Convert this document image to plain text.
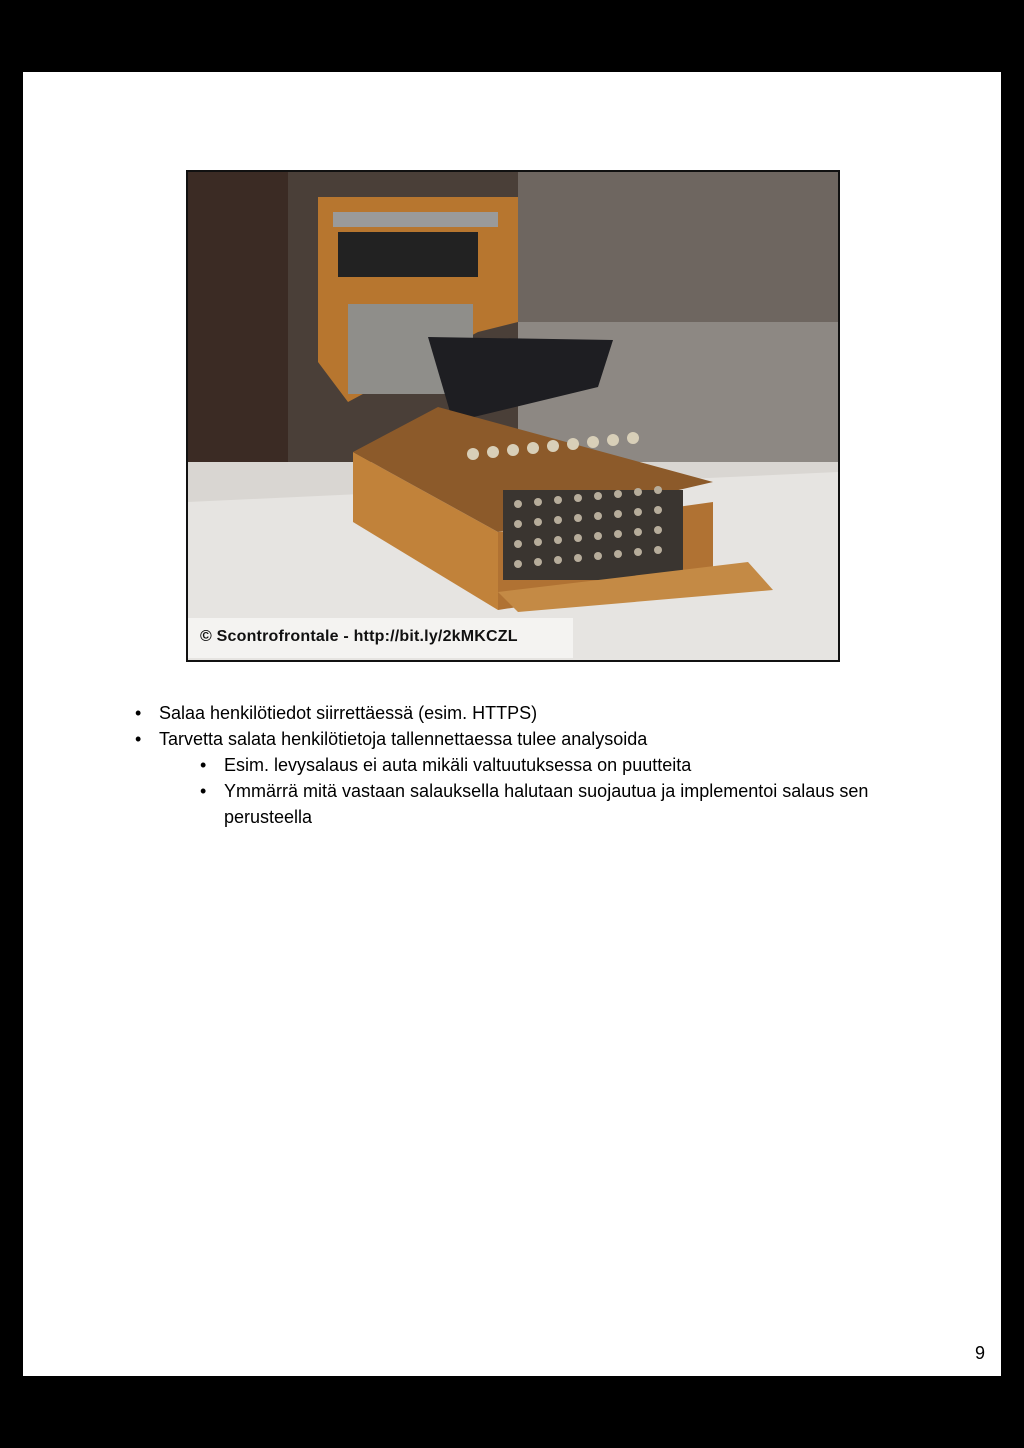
© Scontrofrontale - http://bit.ly/2kMKCZL
• Salaa henkilötiedot siirrettäessä (esim. HTTPS)
• Tarvetta salata henkilötietoja tallennettaessa tulee analysoida
• Esim. levysalaus ei auta mikäli valtuutuksessa on puutteita
• Ymmärrä mitä vastaan salauksella halutaan suojautua ja implementoi salaus sen perusteella
9
